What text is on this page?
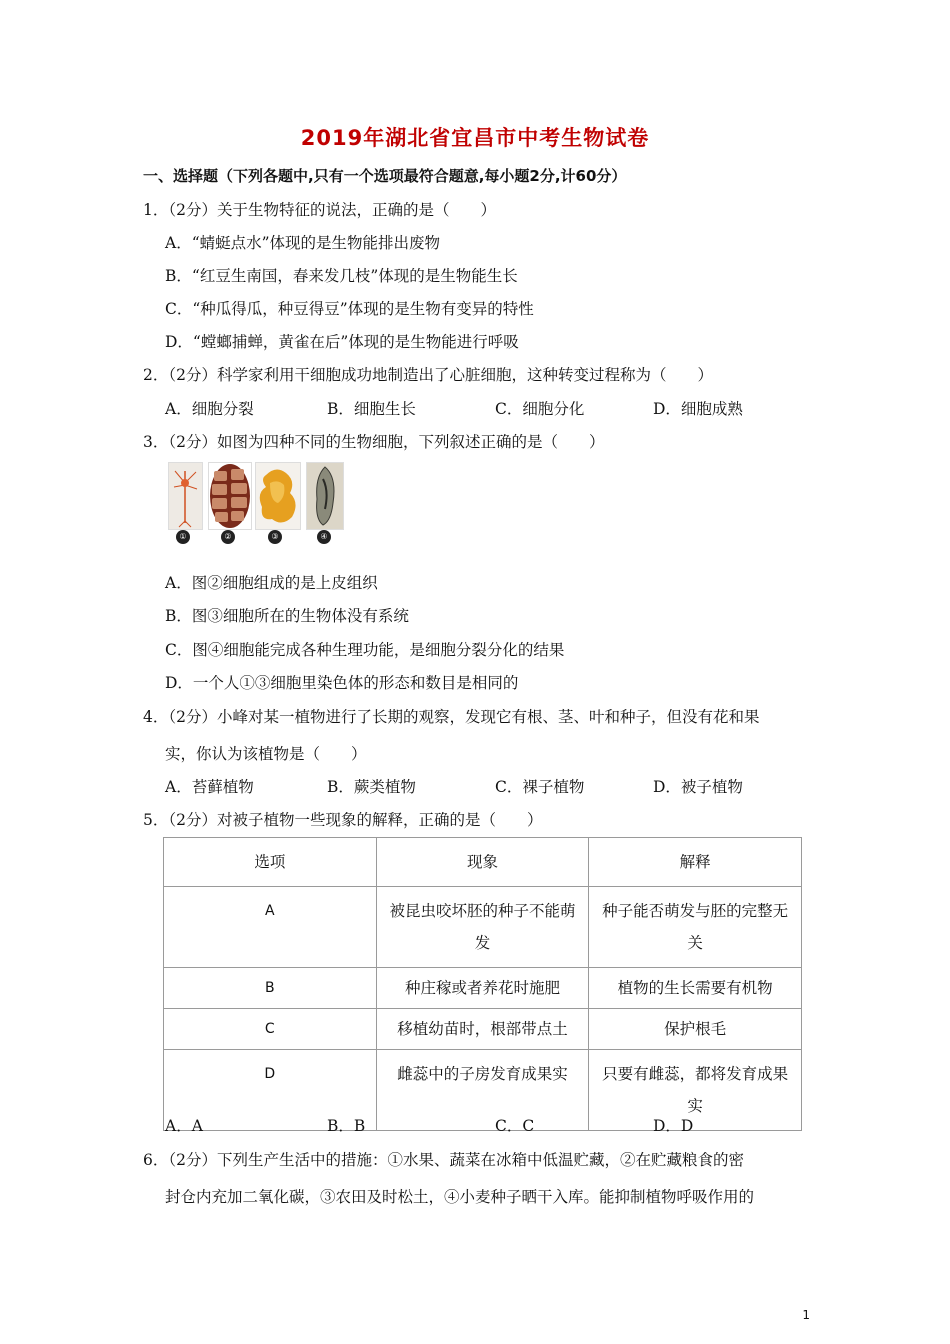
2019年湖北省宜昌市中考生物试卷
一、选择题（下列各题中,只有一个选项最符合题意,每小题2分,计60分）
1．（2分）关于生物特征的说法，正确的是（　　）
A．“蜻蜓点水”体现的是生物能排出废物
B．“红豆生南国，春来发几枝”体现的是生物能生长
C．“种瓜得瓜，种豆得豆”体现的是生物有变异的特性
D．“螳螂捕蝉，黄雀在后”体现的是生物能进行呼吸
2．（2分）科学家利用干细胞成功地制造出了心脏细胞，这种转变过程称为（　　）
A．细胞分裂	B．细胞生长	C．细胞分化	D．细胞成熟
3．（2分）如图为四种不同的生物细胞，下列叙述正确的是（　　）
①	②	③	④
A．图②细胞组成的是上皮组织
B．图③细胞所在的生物体没有系统
C．图④细胞能完成各种生理功能，是细胞分裂分化的结果
D．一个人①③细胞里染色体的形态和数目是相同的
4．（2分）小峰对某一植物进行了长期的观察，发现它有根、茎、叶和种子，但没有花和果
实，你认为该植物是（　　）
A．苔藓植物	B．蕨类植物	C．裸子植物	D．被子植物
5．（2分）对被子植物一些现象的解释，正确的是（　　）
选项	现象	解释
A	被昆虫咬坏胚的种子不能萌发	种子能否萌发与胚的完整无关
B	种庄稼或者养花时施肥	植物的生长需要有机物
C	移植幼苗时，根部带点土	保护根毛
D	雌蕊中的子房发育成果实	只要有雌蕊，都将发育成果实
A．A	B．B	C．C	D．D
6．（2分）下列生产生活中的措施：①水果、蔬菜在冰箱中低温贮藏，②在贮藏粮食的密
封仓内充加二氧化碳，③农田及时松土，④小麦种子晒干入库。能抑制植物呼吸作用的
1
